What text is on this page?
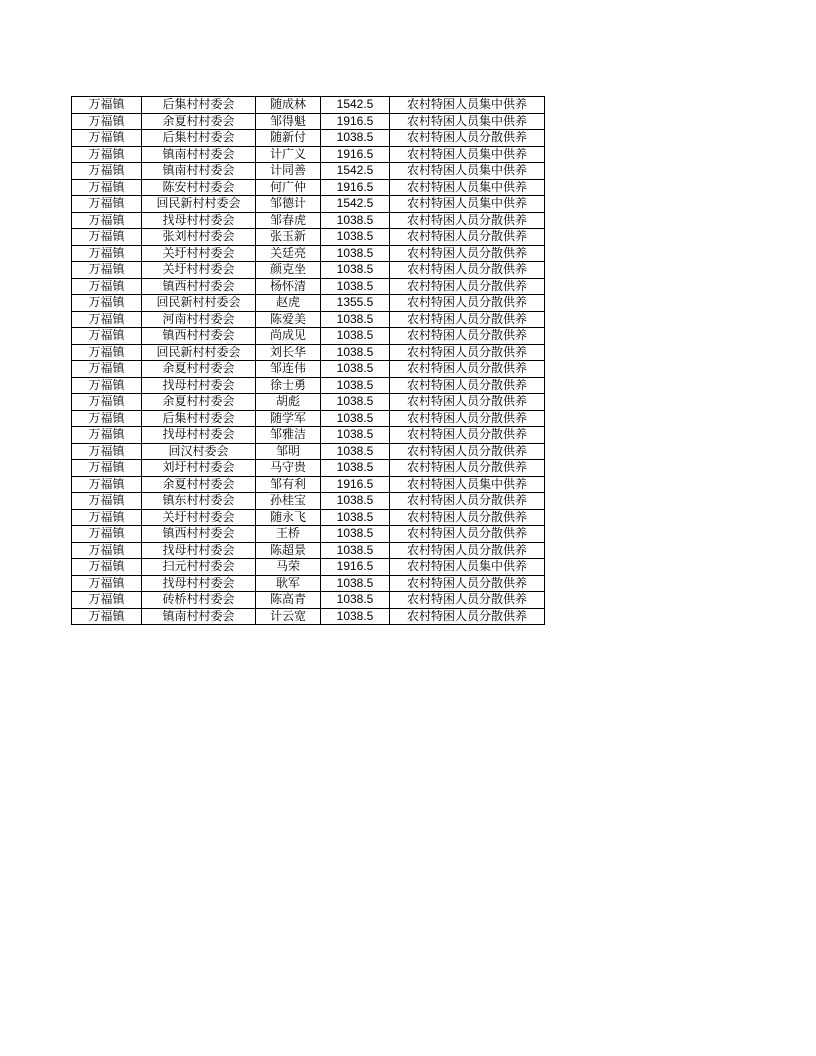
万福镇	后集村村委会	随成林	1542.5	农村特困人员集中供养
万福镇	余夏村村委会	邹得魁	1916.5	农村特困人员集中供养
万福镇	后集村村委会	随新付	1038.5	农村特困人员分散供养
万福镇	镇南村村委会	计广义	1916.5	农村特困人员集中供养
万福镇	镇南村村委会	计同善	1542.5	农村特困人员集中供养
万福镇	陈安村村委会	何广仲	1916.5	农村特困人员集中供养
万福镇	回民新村村委会	邹德计	1542.5	农村特困人员集中供养
万福镇	找母村村委会	邹春虎	1038.5	农村特困人员分散供养
万福镇	张刘村村委会	张玉新	1038.5	农村特困人员分散供养
万福镇	关圩村村委会	关廷亮	1038.5	农村特困人员分散供养
万福镇	关圩村村委会	颜克坐	1038.5	农村特困人员分散供养
万福镇	镇西村村委会	杨怀清	1038.5	农村特困人员分散供养
万福镇	回民新村村委会	赵虎	1355.5	农村特困人员分散供养
万福镇	河南村村委会	陈爱美	1038.5	农村特困人员分散供养
万福镇	镇西村村委会	尚成见	1038.5	农村特困人员分散供养
万福镇	回民新村村委会	刘长华	1038.5	农村特困人员分散供养
万福镇	余夏村村委会	邹连伟	1038.5	农村特困人员分散供养
万福镇	找母村村委会	徐士勇	1038.5	农村特困人员分散供养
万福镇	余夏村村委会	胡彪	1038.5	农村特困人员分散供养
万福镇	后集村村委会	随学军	1038.5	农村特困人员分散供养
万福镇	找母村村委会	邹雅洁	1038.5	农村特困人员分散供养
万福镇	回汉村委会	邹明	1038.5	农村特困人员分散供养
万福镇	刘圩村村委会	马守贵	1038.5	农村特困人员分散供养
万福镇	余夏村村委会	邹有利	1916.5	农村特困人员集中供养
万福镇	镇东村村委会	孙桂宝	1038.5	农村特困人员分散供养
万福镇	关圩村村委会	随永飞	1038.5	农村特困人员分散供养
万福镇	镇西村村委会	王桥	1038.5	农村特困人员分散供养
万福镇	找母村村委会	陈超景	1038.5	农村特困人员分散供养
万福镇	扫元村村委会	马荣	1916.5	农村特困人员集中供养
万福镇	找母村村委会	耿军	1038.5	农村特困人员分散供养
万福镇	砖桥村村委会	陈高青	1038.5	农村特困人员分散供养
万福镇	镇南村村委会	计云宽	1038.5	农村特困人员分散供养
